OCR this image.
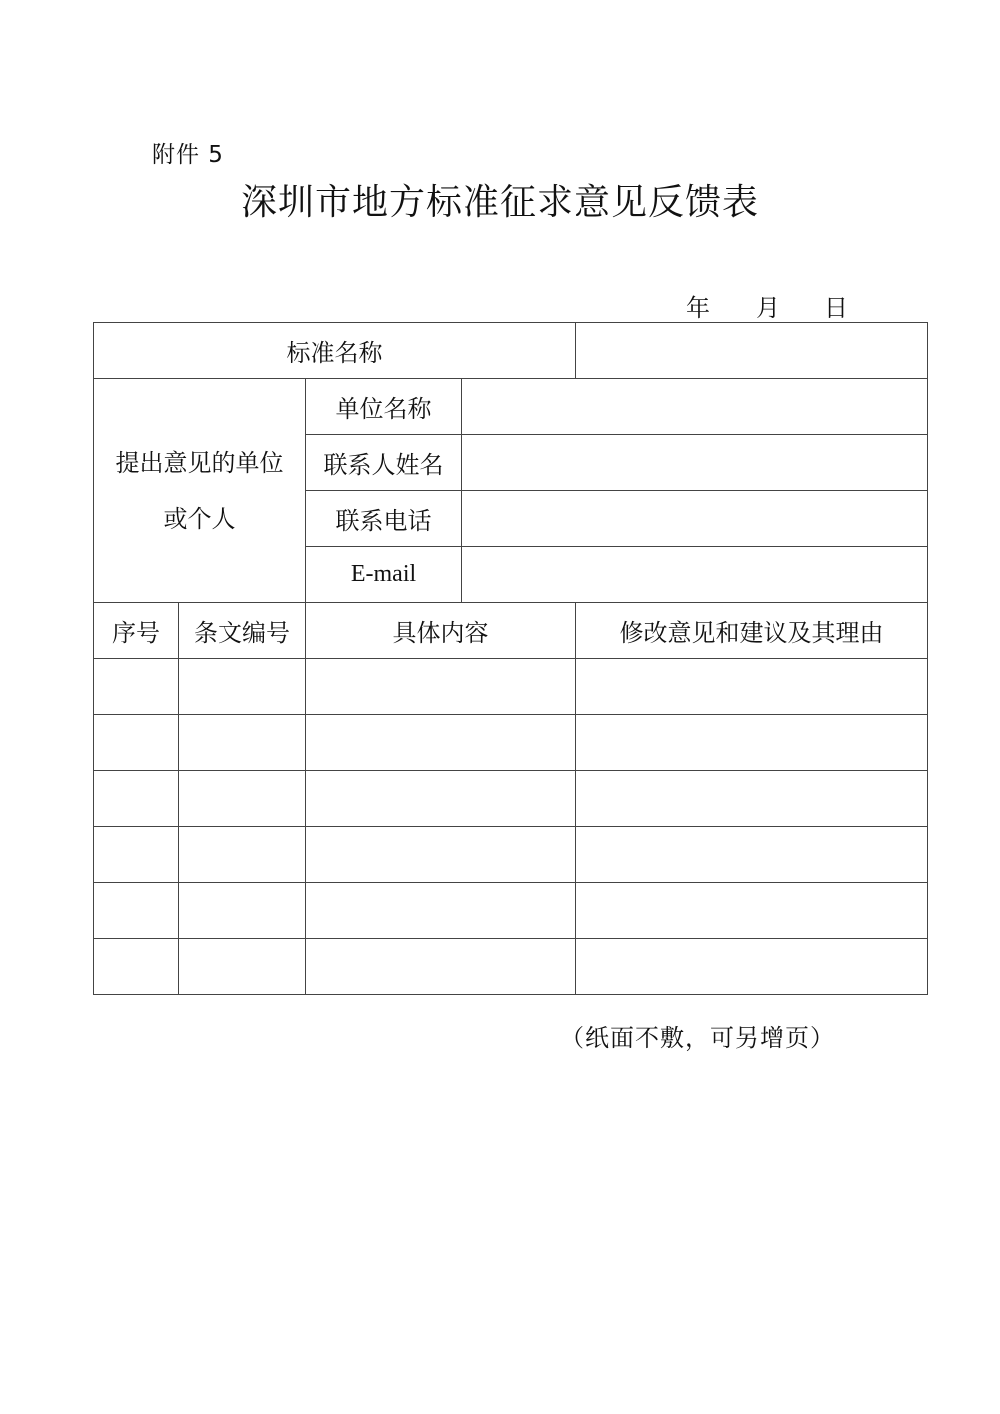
附件 5
深圳市地方标准征求意见反馈表
年 月 日
标准名称				

提出意见的单位
或个人		单位名称		
		联系人姓名		
		联系电话		
		E-mail		
序号	条文编号	具体内容		修改意见和建议及其理由

（纸面不敷，可另增页）
